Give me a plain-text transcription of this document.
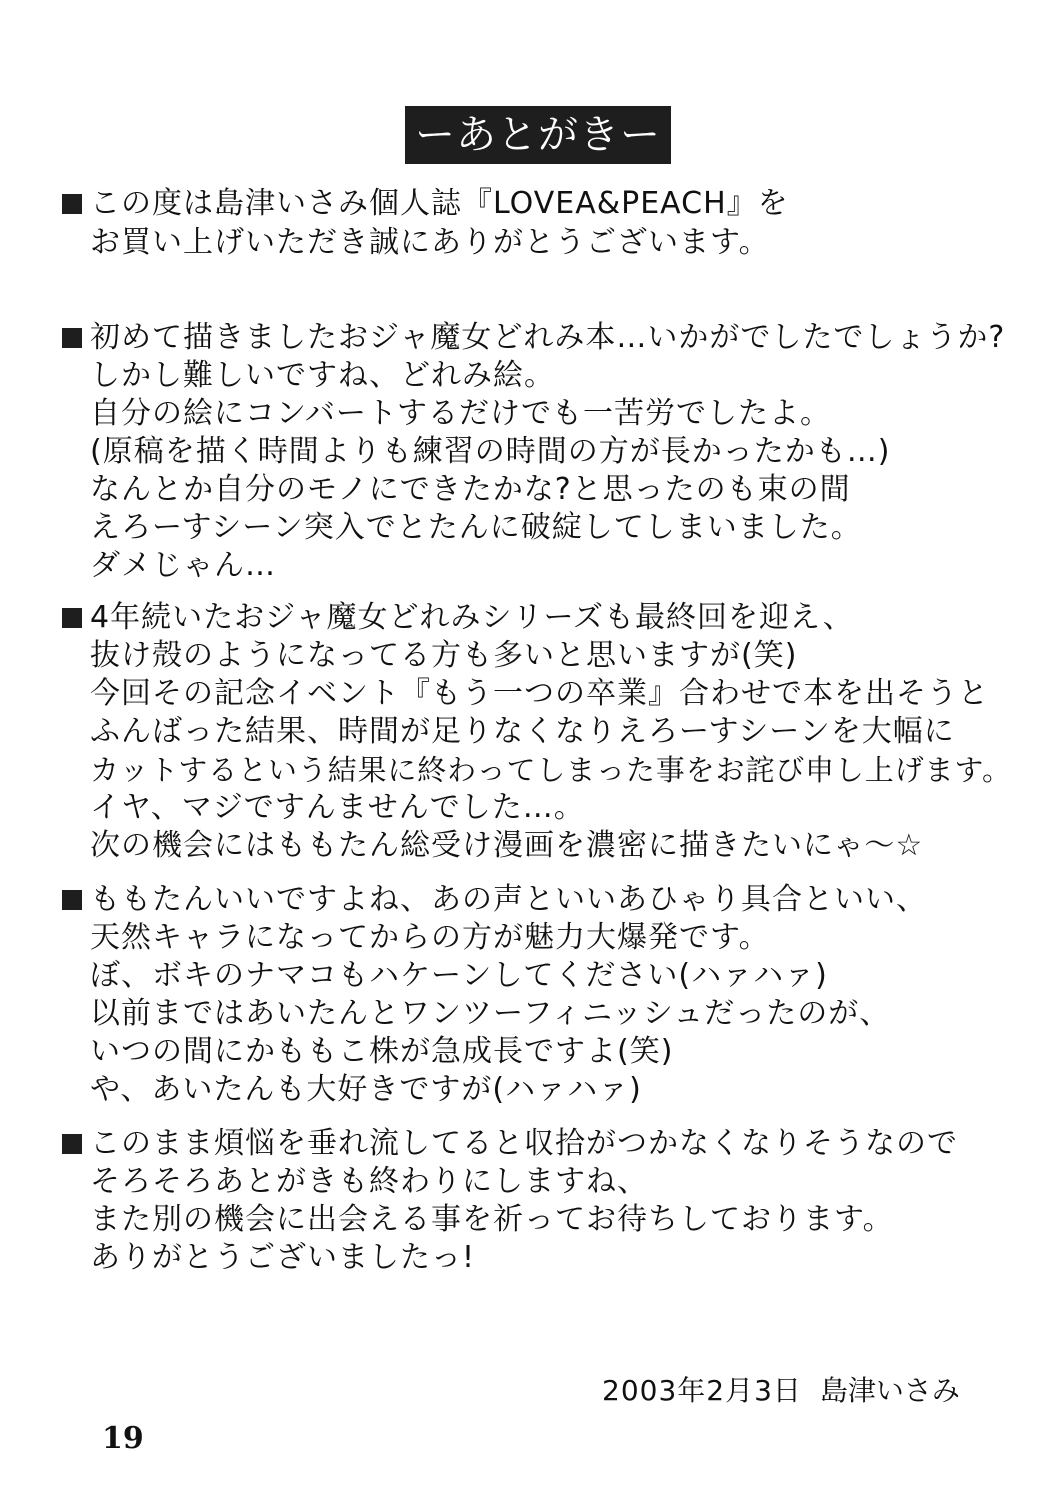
ーあとがきー
この度は島津いさみ個人誌『LOVEA&PEACH』を
お買い上げいただき誠にありがとうございます。
初めて描きましたおジャ魔女どれみ本…いかがでしたでしょうか?
しかし難しいですね、どれみ絵。
自分の絵にコンバートするだけでも一苦労でしたよ。
(原稿を描く時間よりも練習の時間の方が長かったかも…)
なんとか自分のモノにできたかな?と思ったのも束の間
えろーすシーン突入でとたんに破綻してしまいました。
ダメじゃん…
4年続いたおジャ魔女どれみシリーズも最終回を迎え、
抜け殻のようになってる方も多いと思いますが(笑)
今回その記念イベント『もう一つの卒業』合わせで本を出そうと
ふんばった結果、時間が足りなくなりえろーすシーンを大幅に
カットするという結果に終わってしまった事をお詫び申し上げます。
イヤ、マジですんませんでした…。
次の機会にはももたん総受け漫画を濃密に描きたいにゃ〜☆
ももたんいいですよね、あの声といいあひゃり具合といい、
天然キャラになってからの方が魅力大爆発です。
ぼ、ボキのナマコもハケーンしてください(ハァハァ)
以前まではあいたんとワンツーフィニッシュだったのが、
いつの間にかももこ株が急成長ですよ(笑)
や、あいたんも大好きですが(ハァハァ)
このまま煩悩を垂れ流してると収拾がつかなくなりそうなので
そろそろあとがきも終わりにしますね、
また別の機会に出会える事を祈ってお待ちしております。
ありがとうございましたっ!
2003年2月3日 島津いさみ
19
